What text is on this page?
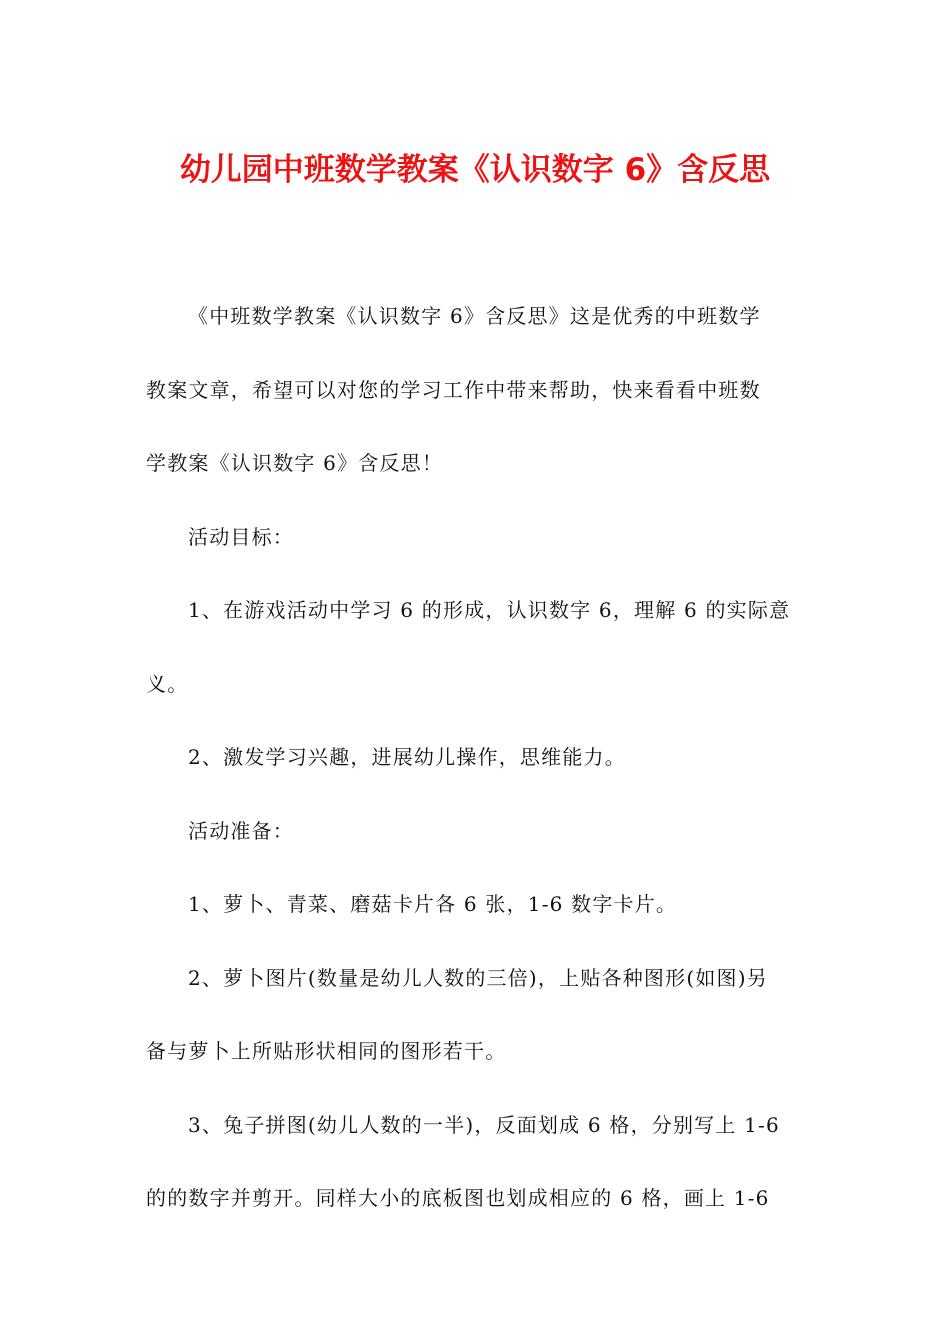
幼儿园中班数学教案《认识数字 6》含反思

《中班数学教案《认识数字 6》含反思》这是优秀的中班数学
教案文章，希望可以对您的学习工作中带来帮助，快来看看中班数
学教案《认识数字 6》含反思！

活动目标：

1、在游戏活动中学习 6 的形成，认识数字 6，理解 6 的实际意
义。

2、激发学习兴趣，进展幼儿操作，思维能力。

活动准备：

1、萝卜、青菜、磨菇卡片各 6 张，1-6 数字卡片。

2、萝卜图片(数量是幼儿人数的三倍)，上贴各种图形(如图)另
备与萝卜上所贴形状相同的图形若干。

3、兔子拼图(幼儿人数的一半)，反面划成 6 格，分别写上 1-6
的的数字并剪开。同样大小的底板图也划成相应的 6 格，画上 1-6
